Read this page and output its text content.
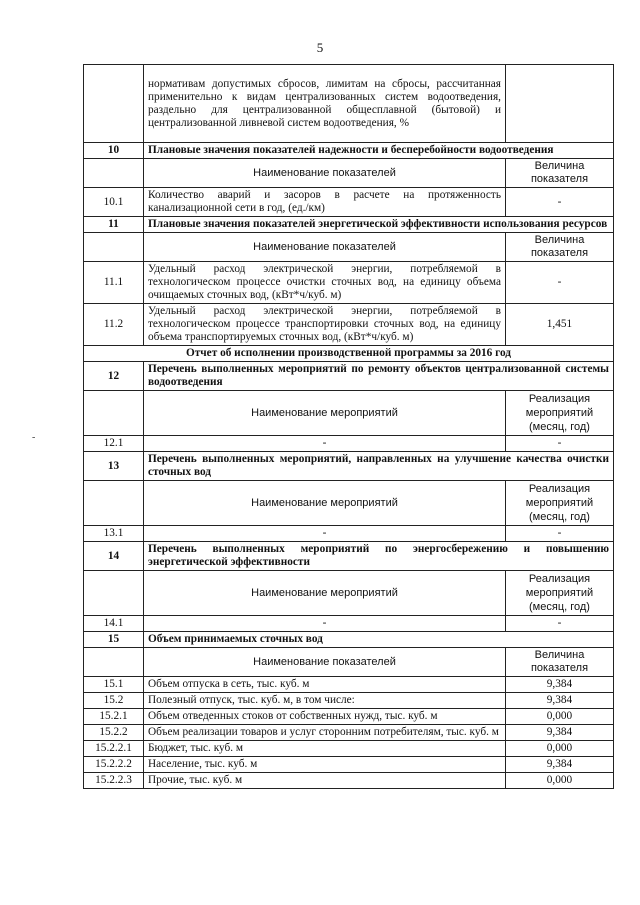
5
-
	нормативам допустимых сбросов, лимитам на сбросы, рассчитанная применительно к видам централизованных систем водоотведения, раздельно для централизованной общесплавной (бытовой) и централизованной ливневой систем водоотведения, %	
10	Плановые значения показателей надежности и бесперебойности водоотведения	
	Наименование показателей	Величина показателя
10.1	Количество аварий и засоров в расчете на протяженность канализационной сети в год, (ед./км)	-
11	Плановые значения показателей энергетической эффективности использования ресурсов	
	Наименование показателей	Величина показателя
11.1	Удельный расход электрической энергии, потребляемой в технологическом процессе очистки сточных вод, на единицу объема очищаемых сточных вод, (кВт*ч/куб. м)	-
11.2	Удельный расход электрической энергии, потребляемой в технологическом процессе транспортировки сточных вод, на единицу объема транспортируемых сточных вод, (кВт*ч/куб. м)	1,451
Отчет об исполнении производственной программы за 2016 год		
12	Перечень выполненных мероприятий по ремонту объектов централизованной системы водоотведения	
	Наименование мероприятий	Реализация мероприятий (месяц, год)
12.1	-	-
13	Перечень выполненных мероприятий, направленных на улучшение качества очистки сточных вод	
	Наименование мероприятий	Реализация мероприятий (месяц, год)
13.1	-	-
14	Перечень выполненных мероприятий по энергосбережению и повышению энергетической эффективности	
	Наименование мероприятий	Реализация мероприятий (месяц, год)
14.1	-	-
15	Объем принимаемых сточных вод	
	Наименование показателей	Величина показателя
15.1	Объем отпуска в сеть, тыс. куб. м	9,384
15.2	Полезный отпуск, тыс. куб. м, в том числе:	9,384
15.2.1	Объем отведенных стоков от собственных нужд, тыс. куб. м	0,000
15.2.2	Объем реализации товаров и услуг сторонним потребителям, тыс. куб. м	9,384
15.2.2.1	Бюджет, тыс. куб. м	0,000
15.2.2.2	Население, тыс. куб. м	9,384
15.2.2.3	Прочие, тыс. куб. м	0,000
